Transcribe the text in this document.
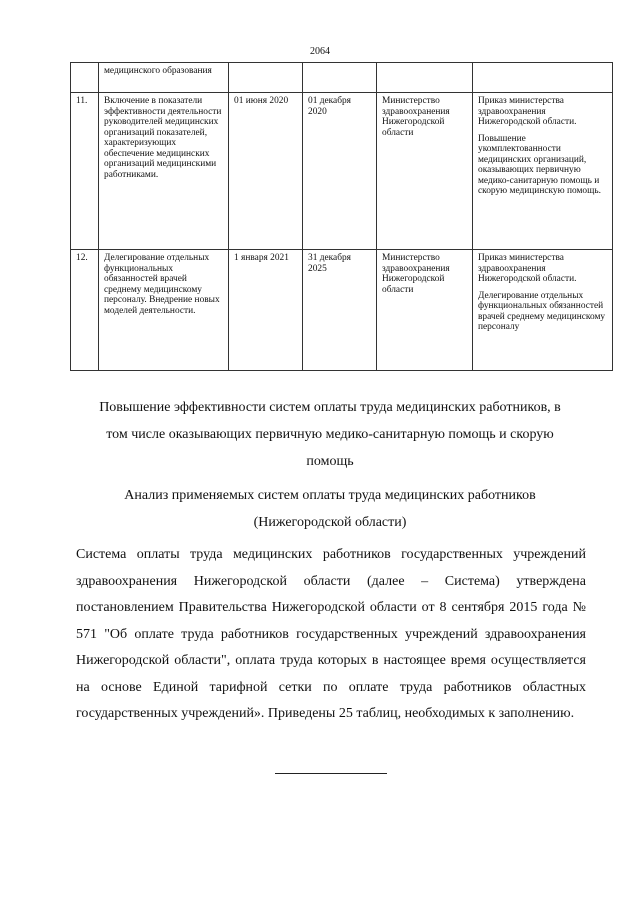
2064
	медицинского образования				
11.	Включение в показатели эффективности деятельности руководителей медицинских организаций показателей, характеризующих обеспечение медицинских организаций медицинскими работниками.	01 июня 2020	01 декабря 2020	Министерство здравоохранения Нижегородской области	Приказ министерства здравоохранения Нижегородской области.

Повышение укомплектованности медицинских организаций, оказывающих первичную медико-санитарную помощь и скорую медицинскую помощь.

12.	Делегирование отдельных функциональных обязанностей врачей среднему медицинскому персоналу. Внедрение новых моделей деятельности.	1 января 2021	31 декабря 2025	Министерство здравоохранения Нижегородской области	Приказ министерства здравоохранения Нижегородской области.

Делегирование отдельных функциональных обязанностей врачей среднему медицинскому персоналу

Повышение эффективности систем оплаты труда медицинских работников, в

том числе оказывающих первичную медико-санитарную помощь и скорую

помощь

Анализ применяемых систем оплаты труда медицинских работников

(Нижегородской области)

Система оплаты труда медицинских работников государственных учреждений здравоохранения Нижегородской области (далее – Система) утверждена постановлением Правительства Нижегородской области от 8 сентября 2015 года № 571 "Об оплате труда работников государственных учреждений здравоохранения Нижегородской области", оплата труда которых в настоящее время осуществляется на основе Единой тарифной сетки по оплате труда работников областных государственных учреждений». Приведены 25 таблиц, необходимых к заполнению.
